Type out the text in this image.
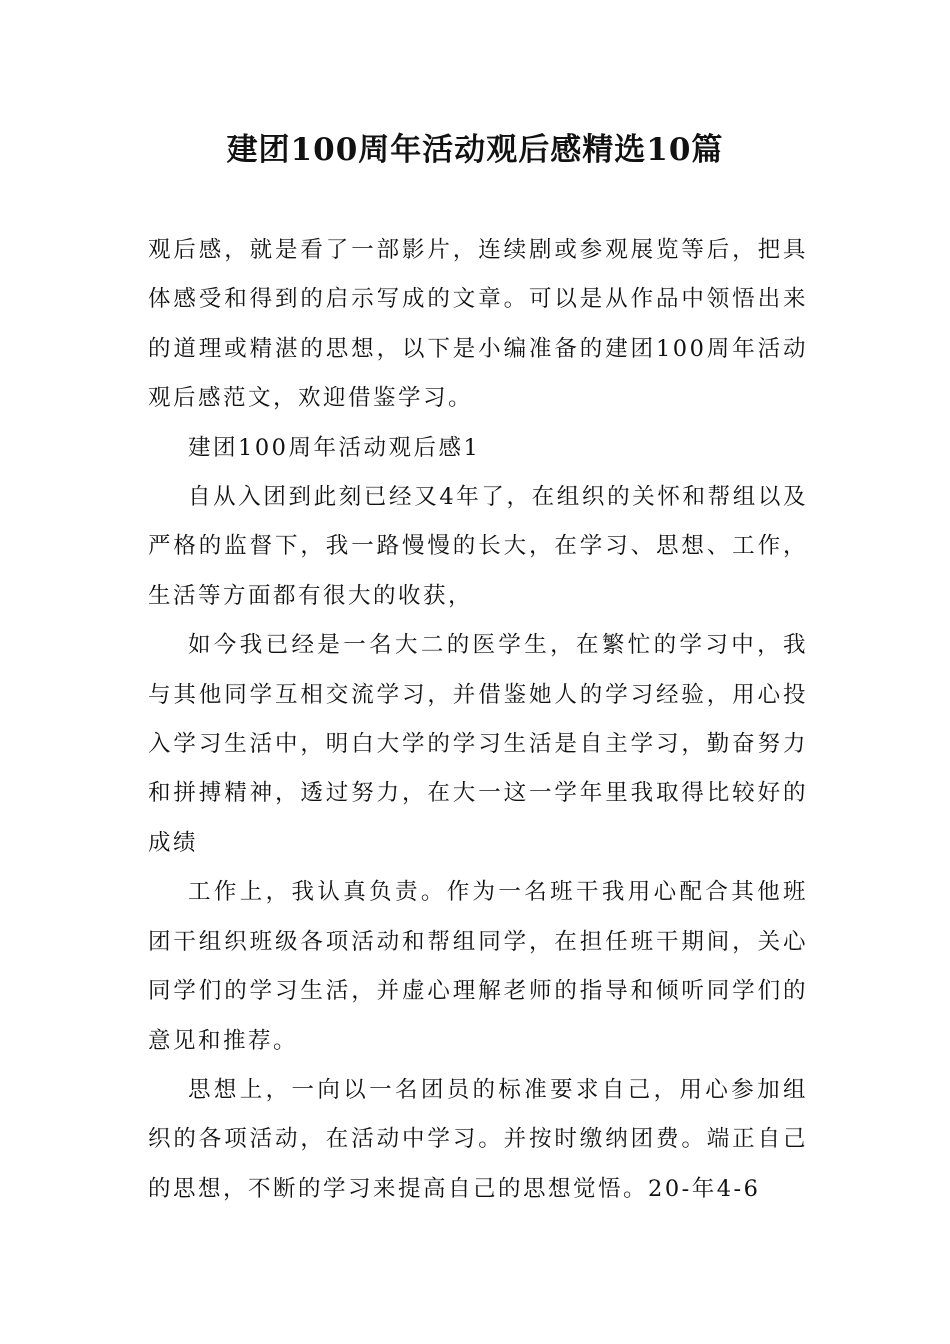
建团100周年活动观后感精选10篇

观后感，就是看了一部影片，连续剧或参观展览等后，把具体感受和得到的启示写成的文章。可以是从作品中领悟出来的道理或精湛的思想，以下是小编准备的建团100周年活动观后感范文，欢迎借鉴学习。

建团100周年活动观后感1

自从入团到此刻已经又4年了，在组织的关怀和帮组以及严格的监督下，我一路慢慢的长大，在学习、思想、工作，生活等方面都有很大的收获，

如今我已经是一名大二的医学生，在繁忙的学习中，我与其他同学互相交流学习，并借鉴她人的学习经验，用心投入学习生活中，明白大学的学习生活是自主学习，勤奋努力和拼搏精神，透过努力，在大一这一学年里我取得比较好的成绩

工作上，我认真负责。作为一名班干我用心配合其他班团干组织班级各项活动和帮组同学，在担任班干期间，关心同学们的学习生活，并虚心理解老师的指导和倾听同学们的意见和推荐。

思想上，一向以一名团员的标准要求自己，用心参加组织的各项活动，在活动中学习。并按时缴纳团费。端正自己的思想，不断的学习来提高自己的思想觉悟。20-年4-6
